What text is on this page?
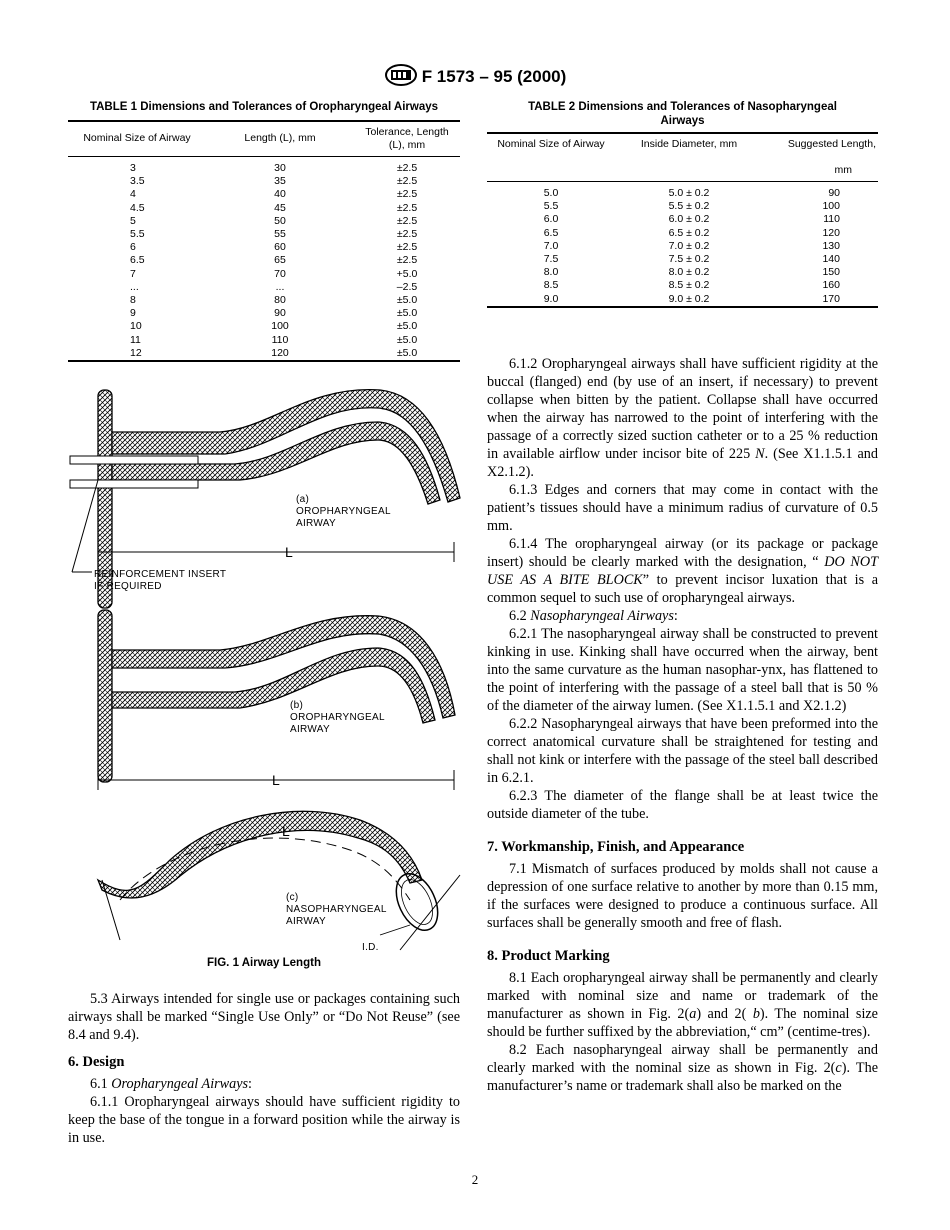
F 1573 – 95 (2000)
TABLE 1 Dimensions and Tolerances of Oropharyngeal Airways
Nominal Size of Airway	Length (L), mm	Tolerance, Length (L), mm
3	30	±2.5
3.5	35	±2.5
4	40	±2.5
4.5	45	±2.5
5	50	±2.5
5.5	55	±2.5
6	60	±2.5
6.5	65	±2.5
7	70	+5.0
...	...	–2.5
8	80	±5.0
9	90	±5.0
10	100	±5.0
11	110	±5.0
12	120	±5.0
TABLE 2 Dimensions and Tolerances of Nasopharyngeal Airways
Nominal Size of Airway	Inside Diameter, mm	Suggested Length,

mm
5.0	5.0 ± 0.2	90
5.5	5.5 ± 0.2	100
6.0	6.0 ± 0.2	110
6.5	6.5 ± 0.2	120
7.0	7.0 ± 0.2	130
7.5	7.5 ± 0.2	140
8.0	8.0 ± 0.2	150
8.5	8.5 ± 0.2	160
9.0	9.0 ± 0.2	170
L
(a)
OROPHARYNGEAL
AIRWAY
REINFORCEMENT INSERT
IF REQUIRED
L
(b)
OROPHARYNGEAL
AIRWAY
L
(c)
NASOPHARYNGEAL
AIRWAY
I.D.
FIG. 1 Airway Length

5.3 Airways intended for single use or packages containing such airways shall be marked “Single Use Only” or “Do Not Reuse” (see 8.4 and 9.4).

6. Design

6.1 Oropharyngeal Airways:

6.1.1 Oropharyngeal airways should have sufficient rigidity to keep the base of the tongue in a forward position while the airway is in use.

6.1.2 Oropharyngeal airways shall have sufficient rigidity at the buccal (flanged) end (by use of an insert, if necessary) to prevent collapse when bitten by the patient. Collapse shall have occurred when the airway has narrowed to the point of interfering with the passage of a correctly sized suction catheter or to a 25 % reduction in available airflow under incisor bite of 225 N. (See X1.1.5.1 and X2.1.2).

6.1.3 Edges and corners that may come in contact with the patient’s tissues should have a minimum radius of curvature of 0.5 mm.

6.1.4 The oropharyngeal airway (or its package or package insert) should be clearly marked with the designation, “ DO NOT USE AS A BITE BLOCK” to prevent incisor luxation that is a common sequel to such use of oropharyngeal airways.

6.2 Nasopharyngeal Airways:

6.2.1 The nasopharyngeal airway shall be constructed to prevent kinking in use. Kinking shall have occurred when the airway, bent into the same curvature as the human nasophar-ynx, has flattened to the point of interfering with the passage of a steel ball that is 50 % of the diameter of the airway lumen. (See X1.1.5.1 and X2.1.2)

6.2.2 Nasopharyngeal airways that have been preformed into the correct anatomical curvature shall be straightened for testing and shall not kink or interfere with the passage of the steel ball described in 6.2.1.

6.2.3 The diameter of the flange shall be at least twice the outside diameter of the tube.

7. Workmanship, Finish, and Appearance

7.1 Mismatch of surfaces produced by molds shall not cause a depression of one surface relative to another by more than 0.15 mm, if the surfaces were designed to produce a continuous surface. All surfaces shall be generally smooth and free of flash.

8. Product Marking

8.1 Each oropharyngeal airway shall be permanently and clearly marked with nominal size and name or trademark of the manufacturer as shown in Fig. 2(a) and 2( b). The nominal size should be further suffixed by the abbreviation,“ cm” (centime-tres).

8.2 Each nasopharyngeal airway shall be permanently and clearly marked with the nominal size as shown in Fig. 2(c). The manufacturer’s name or trademark shall also be marked on the

2
